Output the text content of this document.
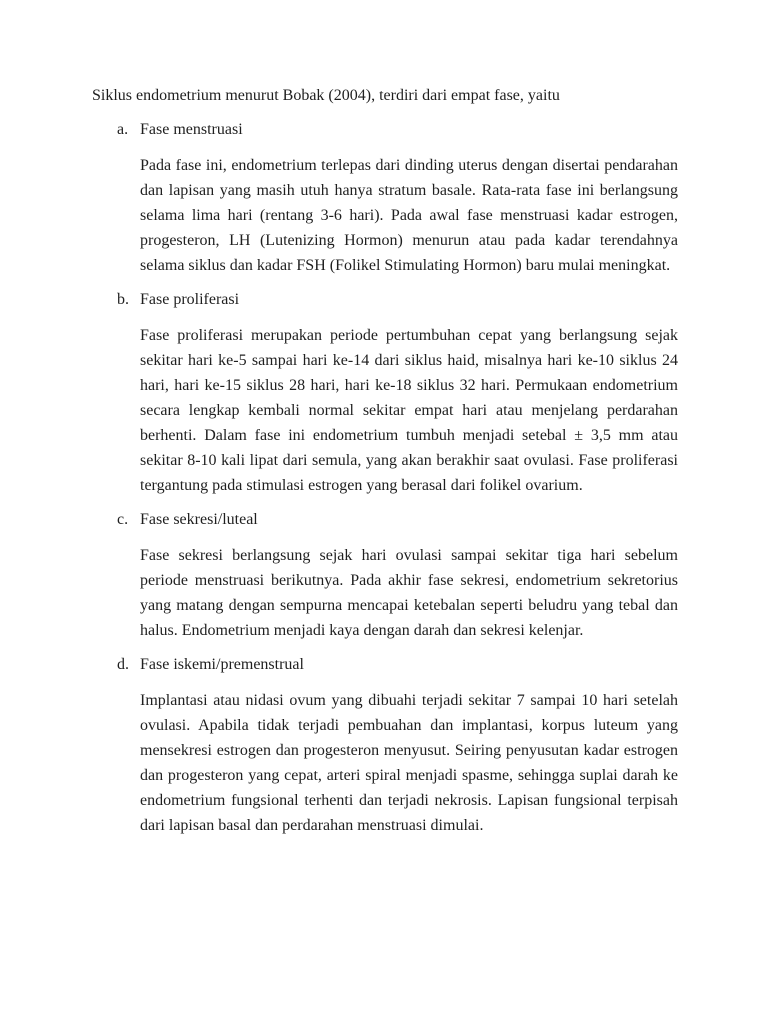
Siklus endometrium menurut Bobak (2004), terdiri dari empat fase, yaitu

a. Fase menstruasi

Pada fase ini, endometrium terlepas dari dinding uterus dengan disertai pendarahan dan lapisan yang masih utuh hanya stratum basale. Rata-rata fase ini berlangsung selama lima hari (rentang 3-6 hari). Pada awal fase menstruasi kadar estrogen, progesteron, LH (Lutenizing Hormon) menurun atau pada kadar terendahnya selama siklus dan kadar FSH (Folikel Stimulating Hormon) baru mulai meningkat.

b. Fase proliferasi

Fase proliferasi merupakan periode pertumbuhan cepat yang berlangsung sejak sekitar hari ke-5 sampai hari ke-14 dari siklus haid, misalnya hari ke-10 siklus 24 hari, hari ke-15 siklus 28 hari, hari ke-18 siklus 32 hari. Permukaan endometrium secara lengkap kembali normal sekitar empat hari atau menjelang perdarahan berhenti. Dalam fase ini endometrium tumbuh menjadi setebal ± 3,5 mm atau sekitar 8-10 kali lipat dari semula, yang akan berakhir saat ovulasi. Fase proliferasi tergantung pada stimulasi estrogen yang berasal dari folikel ovarium.

c. Fase sekresi/luteal

Fase sekresi berlangsung sejak hari ovulasi sampai sekitar tiga hari sebelum periode menstruasi berikutnya. Pada akhir fase sekresi, endometrium sekretorius yang matang dengan sempurna mencapai ketebalan seperti beludru yang tebal dan halus. Endometrium menjadi kaya dengan darah dan sekresi kelenjar.

d. Fase iskemi/premenstrual

Implantasi atau nidasi ovum yang dibuahi terjadi sekitar 7 sampai 10 hari setelah ovulasi. Apabila tidak terjadi pembuahan dan implantasi, korpus luteum yang mensekresi estrogen dan progesteron menyusut. Seiring penyusutan kadar estrogen dan progesteron yang cepat, arteri spiral menjadi spasme, sehingga suplai darah ke endometrium fungsional terhenti dan terjadi nekrosis. Lapisan fungsional terpisah dari lapisan basal dan perdarahan menstruasi dimulai.
